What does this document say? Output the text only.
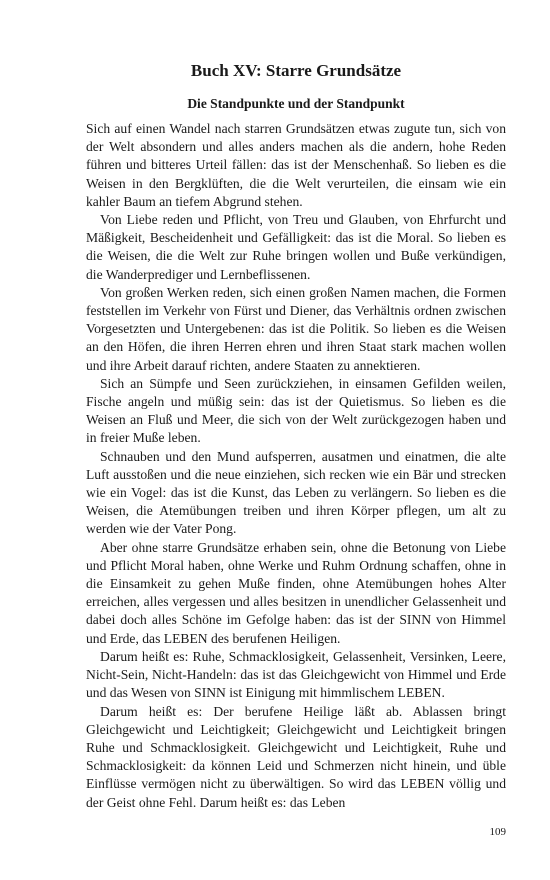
Buch XV: Starre Grundsätze
Die Standpunkte und der Standpunkt

Sich auf einen Wandel nach starren Grundsätzen etwas zugute tun, sich von der Welt absondern und alles anders machen als die andern, hohe Reden führen und bitteres Urteil fällen: das ist der Menschenhaß. So lieben es die Weisen in den Bergklüften, die die Welt verurteilen, die einsam wie ein kahler Baum an tiefem Abgrund stehen.

Von Liebe reden und Pflicht, von Treu und Glauben, von Ehrfurcht und Mäßigkeit, Bescheidenheit und Gefälligkeit: das ist die Moral. So lieben es die Weisen, die die Welt zur Ruhe bringen wollen und Buße verkündigen, die Wanderprediger und Lernbeflissenen.

Von großen Werken reden, sich einen großen Namen machen, die Formen feststellen im Verkehr von Fürst und Diener, das Verhältnis ordnen zwischen Vorgesetzten und Untergebenen: das ist die Politik. So lieben es die Weisen an den Höfen, die ihren Herren ehren und ihren Staat stark machen wollen und ihre Arbeit darauf richten, andere Staaten zu annektieren.

Sich an Sümpfe und Seen zurückziehen, in einsamen Gefilden weilen, Fische angeln und müßig sein: das ist der Quietismus. So lieben es die Weisen an Fluß und Meer, die sich von der Welt zurückgezogen haben und in freier Muße leben.

Schnauben und den Mund aufsperren, ausatmen und einatmen, die alte Luft ausstoßen und die neue einziehen, sich recken wie ein Bär und strecken wie ein Vogel: das ist die Kunst, das Leben zu verlängern. So lieben es die Weisen, die Atemübungen treiben und ihren Körper pflegen, um alt zu werden wie der Vater Pong.

Aber ohne starre Grundsätze erhaben sein, ohne die Betonung von Liebe und Pflicht Moral haben, ohne Werke und Ruhm Ordnung schaffen, ohne in die Einsamkeit zu gehen Muße finden, ohne Atemübungen hohes Alter erreichen, alles vergessen und alles besitzen in unendlicher Gelassenheit und dabei doch alles Schöne im Gefolge haben: das ist der SINN von Himmel und Erde, das LEBEN des berufenen Heiligen.

Darum heißt es: Ruhe, Schmacklosigkeit, Gelassenheit, Versinken, Leere, Nicht-Sein, Nicht-Handeln: das ist das Gleichgewicht von Himmel und Erde und das Wesen von SINN ist Einigung mit himmlischem LEBEN.

Darum heißt es: Der berufene Heilige läßt ab. Ablassen bringt Gleichgewicht und Leichtigkeit; Gleichgewicht und Leichtigkeit bringen Ruhe und Schmacklosigkeit. Gleichgewicht und Leichtigkeit, Ruhe und Schmacklosigkeit: da können Leid und Schmerzen nicht hinein, und üble Einflüsse vermögen nicht zu überwältigen. So wird das LEBEN völlig und der Geist ohne Fehl. Darum heißt es: das Leben

109
